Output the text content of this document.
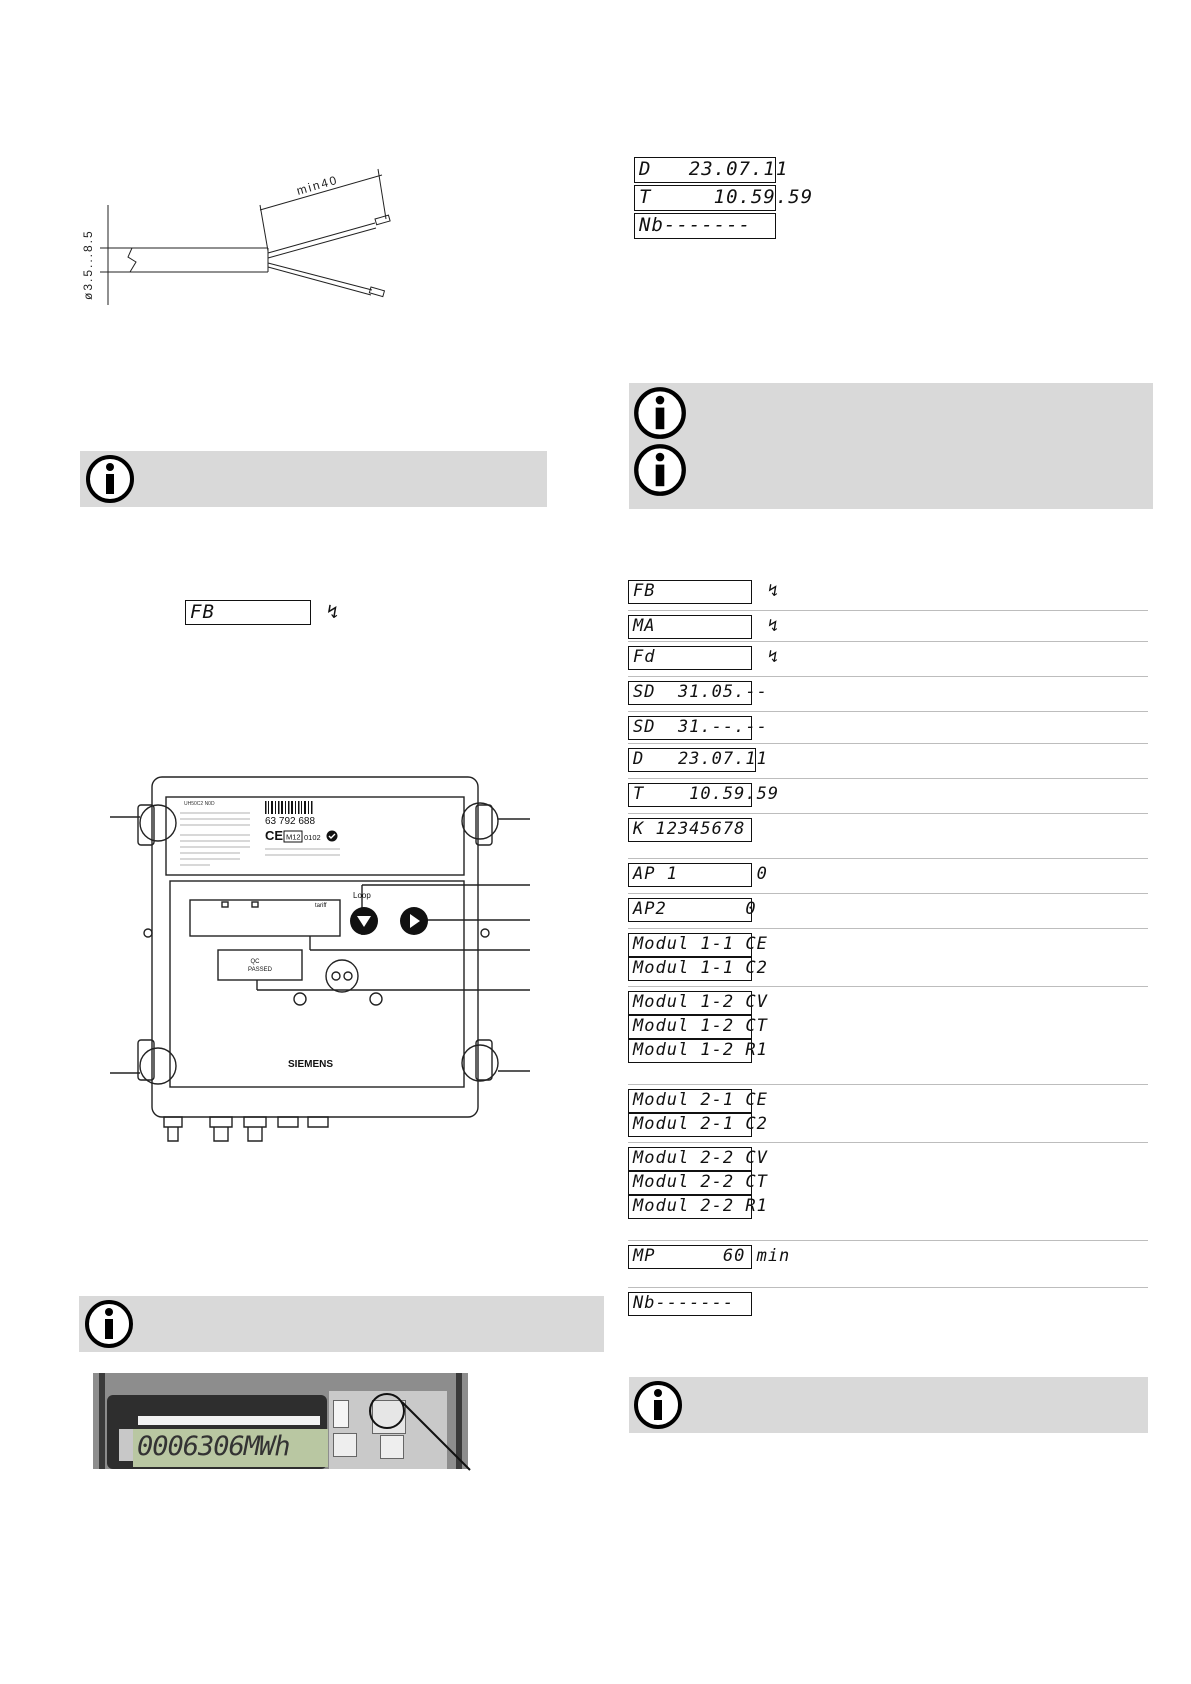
min40
ø3.5...8.5
FB         ↯
UH50C2 N0D
63 792 688
CE M12 0102
Loop
tariff
QC
PASSED
SIEMENS
0006306MWh
D   23.07.11
T     10.59.59
Nb-------
FB          ↯
MA          ↯
Fd          ↯
SD  31.05.--
SD  31.--.--
D   23.07.11
T    10.59.59
K 12345678
AP 1       0
AP2       0
Modul 1-1 CE
Modul 1-1 C2
Modul 1-2 CV
Modul 1-2 CT
Modul 1-2 R1
Modul 2-1 CE
Modul 2-1 C2
Modul 2-2 CV
Modul 2-2 CT
Modul 2-2 R1
MP      60 min
Nb-------
